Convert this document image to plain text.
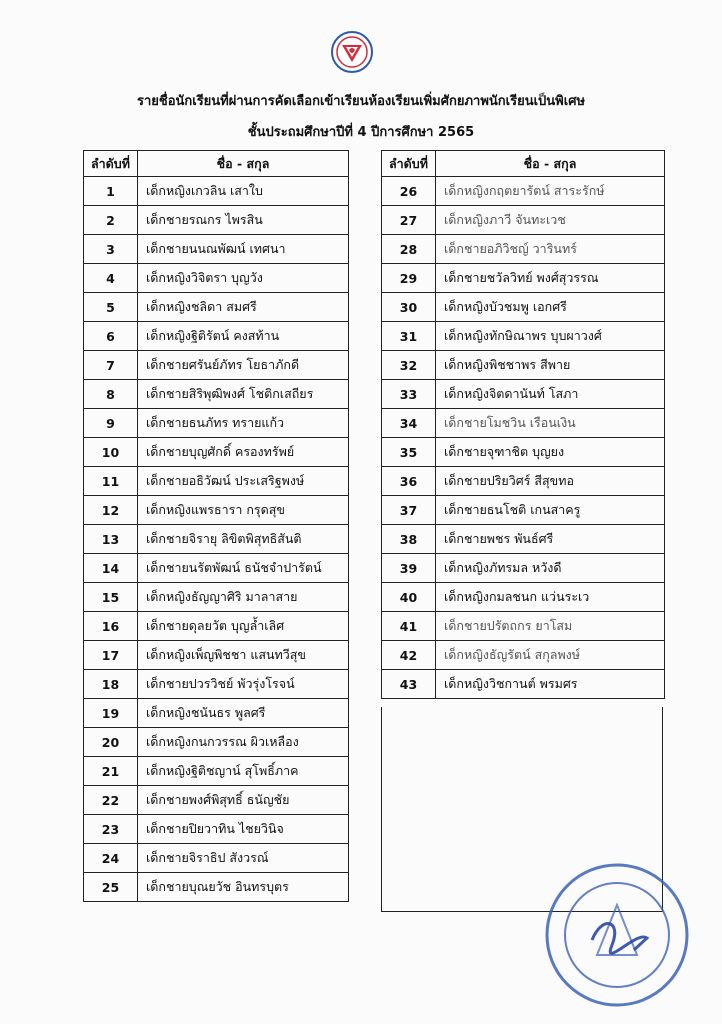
รายชื่อนักเรียนที่ผ่านการคัดเลือกเข้าเรียนห้องเรียนเพิ่มศักยภาพนักเรียนเป็นพิเศษ
ชั้นประถมศึกษาปีที่ 4 ปีการศึกษา 2565
ลำดับที่	ชื่อ - สกุล
1	เด็กหญิงเกวลิน เสาใบ
2	เด็กชายรณกร ไพรสิน
3	เด็กชายนนณพัฒน์ เทศนา
4	เด็กหญิงวิจิตรา บุญวัง
5	เด็กหญิงชลิดา สมศรี
6	เด็กหญิงฐิติรัตน์ คงสท้าน
7	เด็กชายศรันย์ภัทร โยธาภักดี
8	เด็กชายสิริพุฒิพงศ์ โชติกเสถียร
9	เด็กชายธนภัทร ทรายแก้ว
10	เด็กชายบุญศักดิ์ ครองทรัพย์
11	เด็กชายอธิวัฒน์ ประเสริฐพงษ์
12	เด็กหญิงแพรธารา กรุดสุข
13	เด็กชายจิรายุ ลิขิตพิสุทธิสันติ
14	เด็กชายนรัตพัฒน์ ธนัชจำปารัตน์
15	เด็กหญิงธัญญาศิริ มาลาสาย
16	เด็กชายดุลยวัต บุญล้ำเลิศ
17	เด็กหญิงเพ็ญพิชชา แสนทวีสุข
18	เด็กชายปวรวิชย์ พัวรุ่งโรจน์
19	เด็กหญิงชนันธร พูลศรี
20	เด็กหญิงกนกวรรณ ผิวเหลือง
21	เด็กหญิงฐิติชญาน์ สุโพธิ์ภาค
22	เด็กชายพงศ์พิสุทธิ์ ธนัญชัย
23	เด็กชายปิยวาทิน ไชยวินิจ
24	เด็กชายจิราธิป สังวรณ์
25	เด็กชายบุณยวัช อินทรบุตร
ลำดับที่	ชื่อ - สกุล
26	เด็กหญิงกฤตยารัตน์ สาระรักษ์
27	เด็กหญิงภาวี จันทะเวช
28	เด็กชายอภิวิชญ์ วารินทร์
29	เด็กชายชวัลวิทย์ พงศ์สุวรรณ
30	เด็กหญิงบัวชมพู เอกศรี
31	เด็กหญิงทักษิณาพร บุบผาวงศ์
32	เด็กหญิงพิชชาพร สีพาย
33	เด็กหญิงจิตดานันท์ โสภา
34	เด็กชายโมชวิน เรือนเงิน
35	เด็กชายจุฑาชิต บุญยง
36	เด็กชายปริยวิศร์ สีสุขทอ
37	เด็กชายธนโชติ เกนสาครู
38	เด็กชายพชร พันธ์ศรี
39	เด็กหญิงภัทรมล หวังดี
40	เด็กหญิงกมลชนก แว่นระเว
41	เด็กชายปรัตถกร ยาโสม
42	เด็กหญิงธัญรัตน์ สกุลพงษ์
43	เด็กหญิงวิชกานต์ พรมศร
